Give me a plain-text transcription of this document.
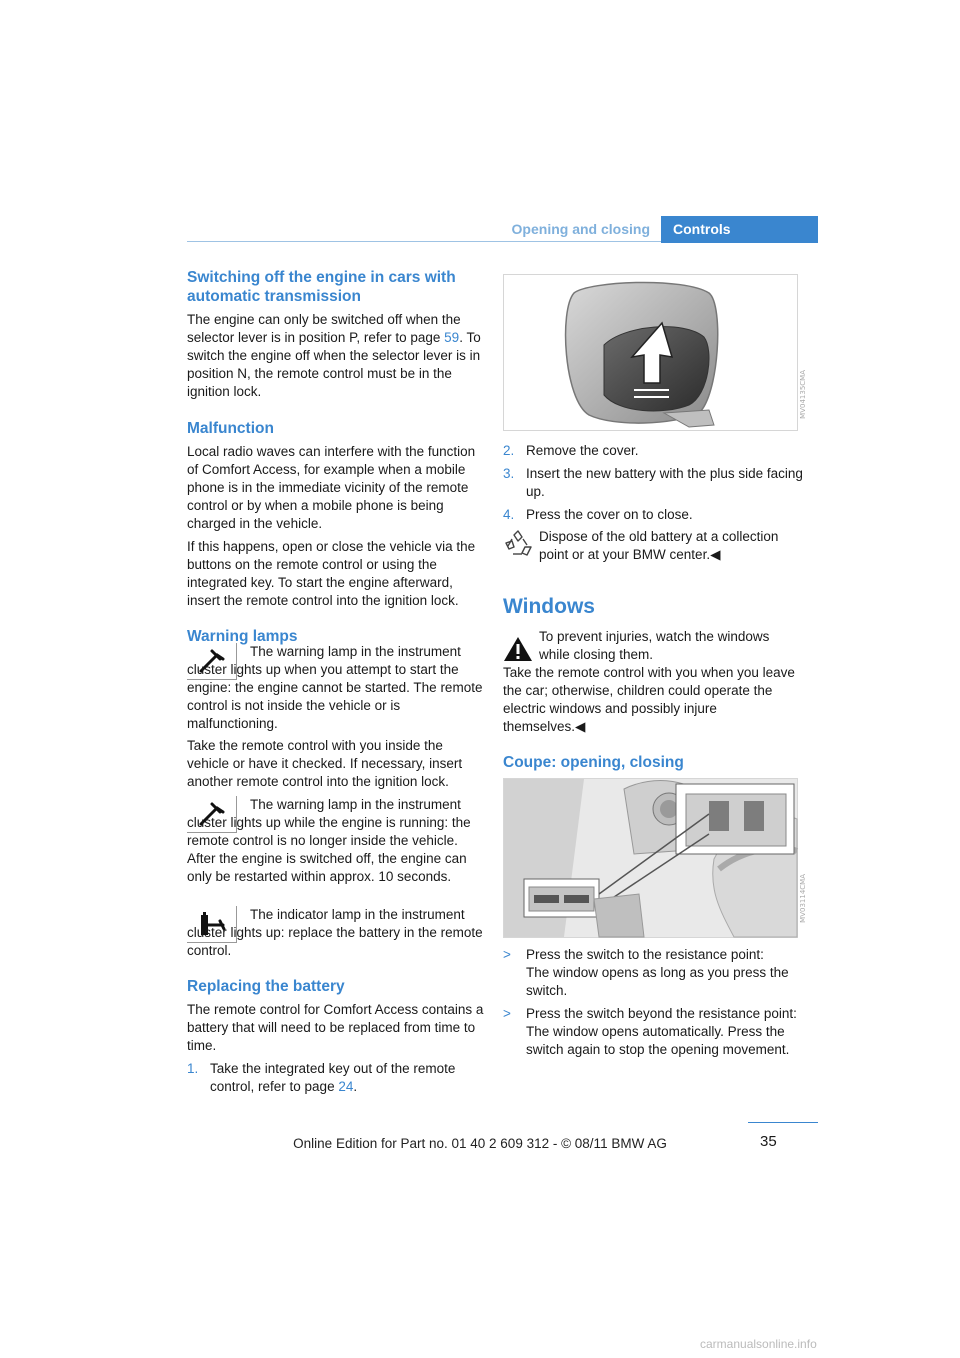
Opening and closing Controls
Switching off the engine in cars with automatic transmission

The engine can only be switched off when the selector lever is in position P, refer to page 59. To switch the engine off when the selector lever is in position N, the remote control must be in the ignition lock.

Malfunction

Local radio waves can interfere with the function of Comfort Access, for example when a mobile phone is in the immediate vicinity of the remote control or by when a mobile phone is being charged in the vehicle.

If this happens, open or close the vehicle via the buttons on the remote control or using the integrated key. To start the engine afterward, insert the remote control into the ignition lock.

Warning lamps

The warning lamp in the instrument cluster lights up when you attempt to start the engine: the engine cannot be started. The remote control is not inside the vehicle or is malfunctioning.

Take the remote control with you inside the vehicle or have it checked. If necessary, insert another remote control into the ignition lock.

The warning lamp in the instrument cluster lights up while the engine is running: the remote control is no longer inside the vehicle. After the engine is switched off, the engine can only be restarted within approx. 10 seconds.

The indicator lamp in the instrument cluster lights up: replace the battery in the remote control.

Replacing the battery

The remote control for Comfort Access contains a battery that will need to be replaced from time to time.

1. Take the integrated key out of the remote control, refer to page 24.
MV04135CMA
2. Remove the cover.
3. Insert the new battery with the plus side facing up.
4. Press the cover on to close.

Dispose of the old battery at a collection point or at your BMW center.◀

Windows

To prevent injuries, watch the windows while closing them.

Take the remote control with you when you leave the car; otherwise, children could operate the electric windows and possibly injure themselves.◀

Coupe: opening, closing
MV03114CMA
>	Press the switch to the resistance point:
The window opens as long as you press the switch.
>	Press the switch beyond the resistance point:
The window opens automatically. Press the switch again to stop the opening movement.
35
Online Edition for Part no. 01 40 2 609 312 - © 08/11 BMW AG
carmanualsonline.info
